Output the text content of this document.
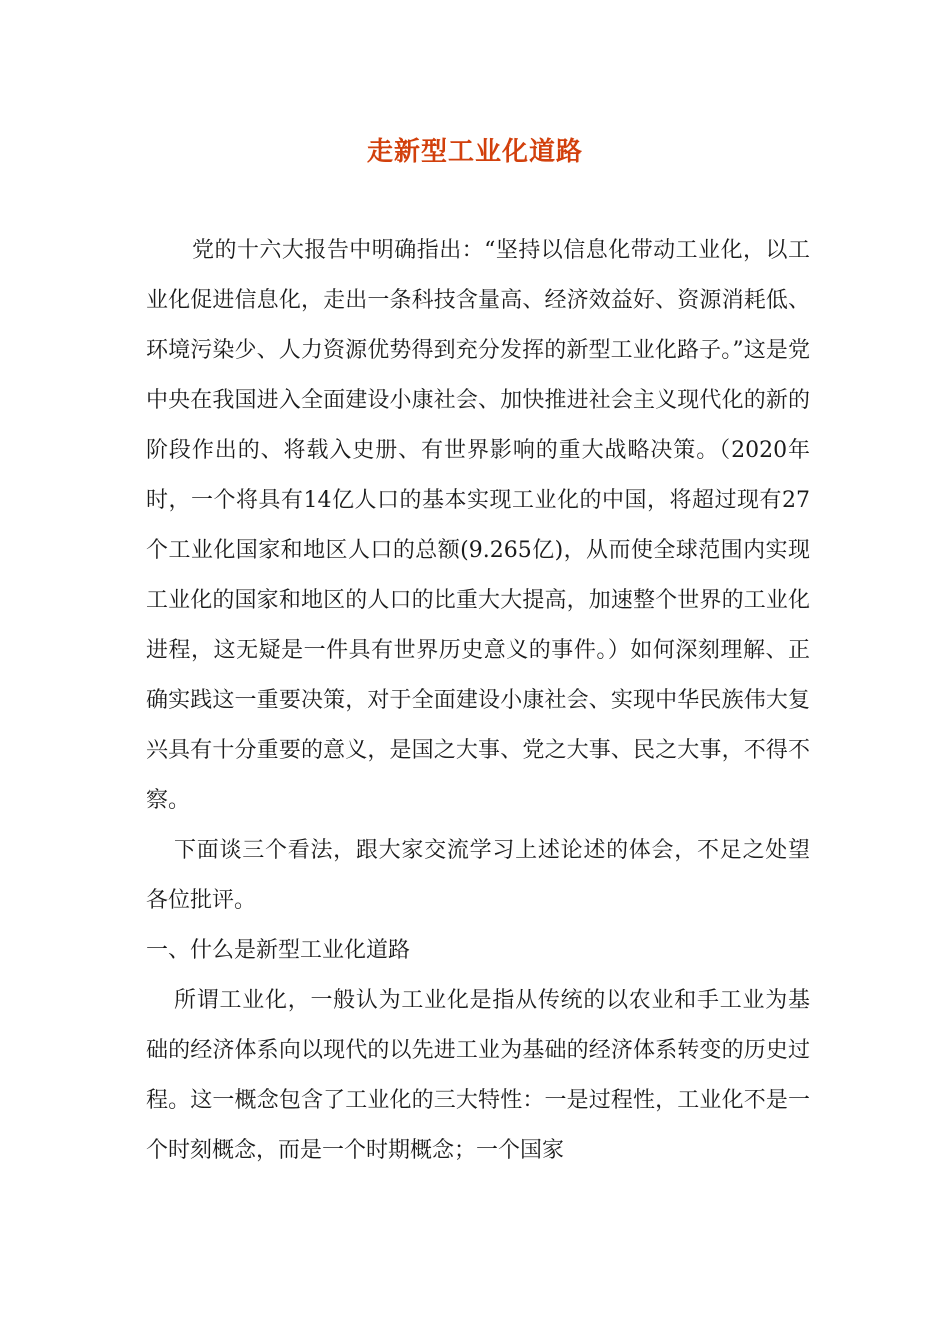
走新型工业化道路

党的十六大报告中明确指出：“坚持以信息化带动工业化，以工业化促进信息化，走出一条科技含量高、经济效益好、资源消耗低、环境污染少、人力资源优势得到充分发挥的新型工业化路子。”这是党中央在我国进入全面建设小康社会、加快推进社会主义现代化的新的阶段作出的、将载入史册、有世界影响的重大战略决策。（2020年时，一个将具有14亿人口的基本实现工业化的中国，将超过现有27个工业化国家和地区人口的总额(9.265亿)，从而使全球范围内实现工业化的国家和地区的人口的比重大大提高，加速整个世界的工业化进程，这无疑是一件具有世界历史意义的事件。）如何深刻理解、正确实践这一重要决策，对于全面建设小康社会、实现中华民族伟大复兴具有十分重要的意义，是国之大事、党之大事、民之大事，不得不察。

下面谈三个看法，跟大家交流学习上述论述的体会，不足之处望各位批评。

一、什么是新型工业化道路

所谓工业化，一般认为工业化是指从传统的以农业和手工业为基础的经济体系向以现代的以先进工业为基础的经济体系转变的历史过程。这一概念包含了工业化的三大特性：一是过程性，工业化不是一个时刻概念，而是一个时期概念；一个国家
